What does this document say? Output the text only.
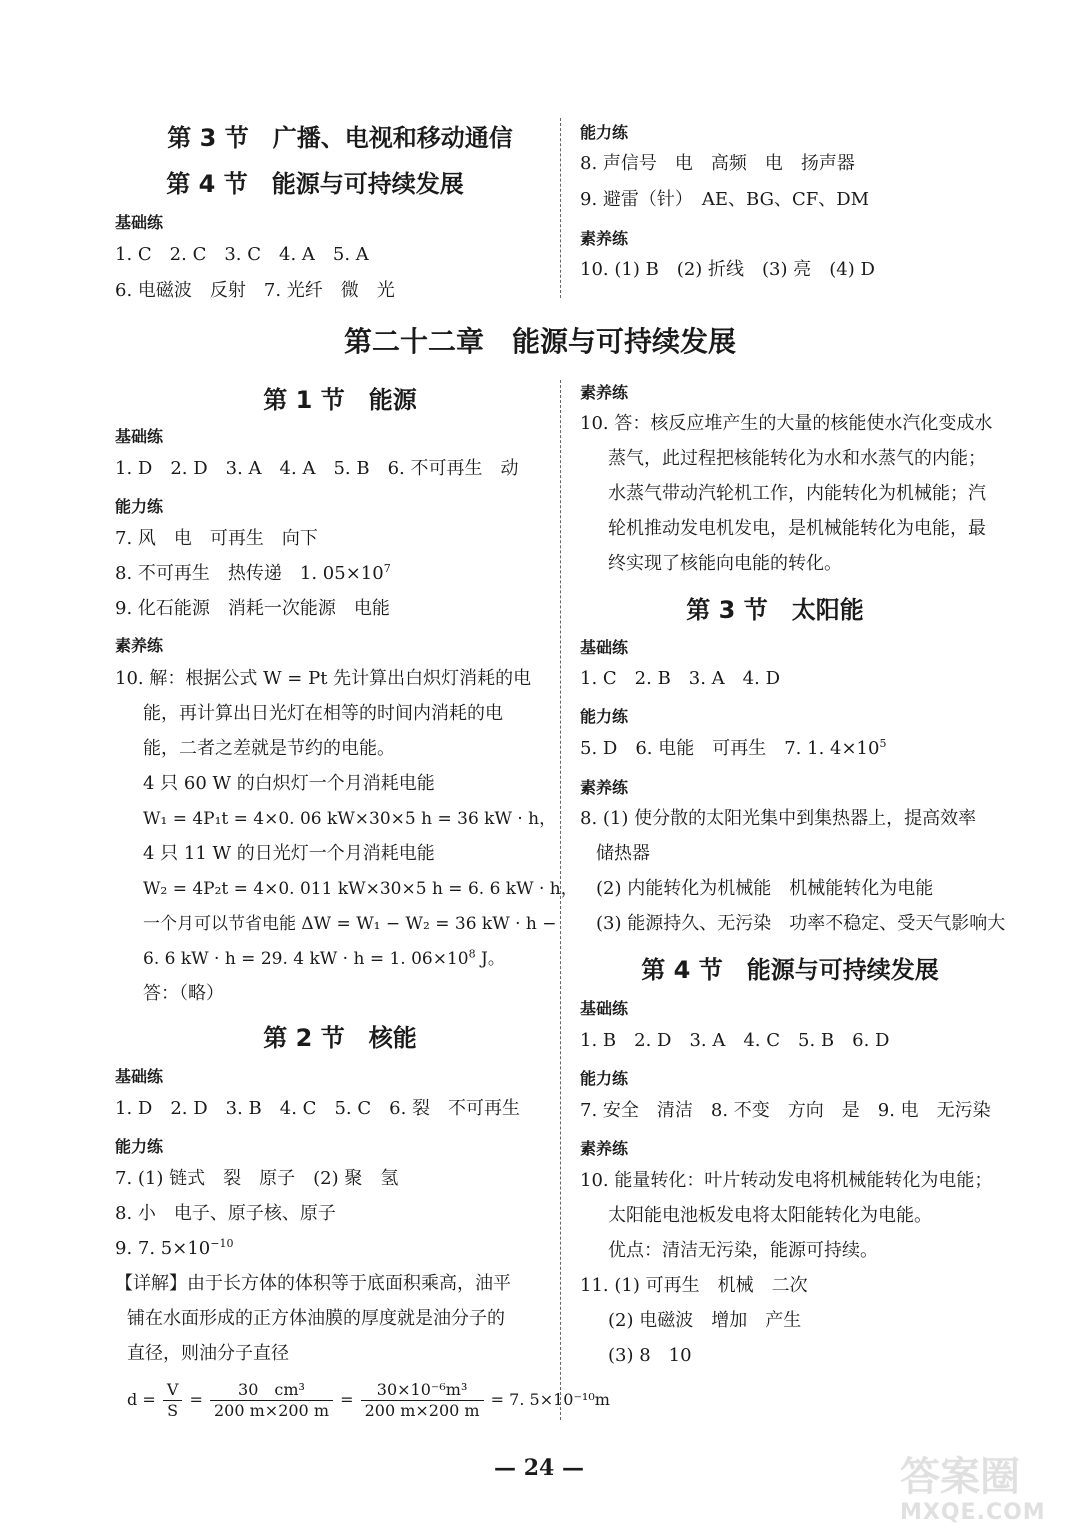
第 3 节　广播、电视和移动通信
第 4 节　能源与可持续发展
基础练
1. C　2. C　3. C　4. A　5. A
6. 电磁波　反射　7. 光纤　微　光
能力练
8. 声信号　电　高频　电　扬声器
9. 避雷（针）　AE、BG、CF、DM
素养练
10. (1) B　(2) 折线　(3) 亮　(4) D
第二十二章　能源与可持续发展
第 1 节　能源
基础练
1. D　2. D　3. A　4. A　5. B　6. 不可再生　动
能力练
7. 风　电　可再生　向下
8. 不可再生　热传递　1. $05\times 10^7$
9. 化石能源　消耗一次能源　电能
素养练
10. 解：根据公式 W = Pt 先计算出白炽灯消耗的电
能，再计算出日光灯在相等的时间内消耗的电
能，二者之差就是节约的电能。
4 只 60 W 的白炽灯一个月消耗电能
W₁ = 4P₁t = 4×0. 06 kW×30×5 h = 36 kW · h，
4 只 11 W 的日光灯一个月消耗电能
W₂ = 4P₂t = 4×0. 011 kW×30×5 h = 6. 6 kW · h，
一个月可以节省电能 ΔW = W₁ − W₂ = 36 kW · h −
6. 6 kW · h = 29. 4 kW · h = 1. $06\times 10^8$ J。
答：（略）
第 2 节　核能
基础练
1. D　2. D　3. B　4. C　5. C　6. 裂　不可再生
能力练
7. (1) 链式　裂　原子　(2) 聚　氢
8. 小　电子、原子核、原子
9. 7. $5\times 10^{-10}$
【详解】由于长方体的体积等于底面积乘高，油平
铺在水面形成的正方体油膜的厚度就是油分子的
直径，则油分子直径
$d = \frac{V}{S} = \frac{\text{30　cm³}}{200 m\times 200 m} = \frac{\text{30×10⁻⁶m³}}{200 m\times 200 m} = 7$. 5×10⁻¹⁰m
素养练
10. 答：核反应堆产生的大量的核能使水汽化变成水
蒸气，此过程把核能转化为水和水蒸气的内能；
水蒸气带动汽轮机工作，内能转化为机械能；汽
轮机推动发电机发电，是机械能转化为电能，最
终实现了核能向电能的转化。
第 3 节　太阳能
基础练
1. C　2. B　3. A　4. D
能力练
5. D　6. 电能　可再生　7. 1. $4\times 10^5$
素养练
8. (1) 使分散的太阳光集中到集热器上，提高效率
储热器
(2) 内能转化为机械能　机械能转化为电能
(3) 能源持久、无污染　功率不稳定、受天气影响大
第 4 节　能源与可持续发展
基础练
1. B　2. D　3. A　4. C　5. B　6. D
能力练
7. 安全　清洁　8. 不变　方向　是　9. 电　无污染
素养练
10. 能量转化：叶片转动发电将机械能转化为电能；
太阳能电池板发电将太阳能转化为电能。
优点：清洁无污染，能源可持续。
11. (1) 可再生　机械　二次
(2) 电磁波　增加　产生
(3) 8　10
— 24 —	答案圈
MXQE.COM
